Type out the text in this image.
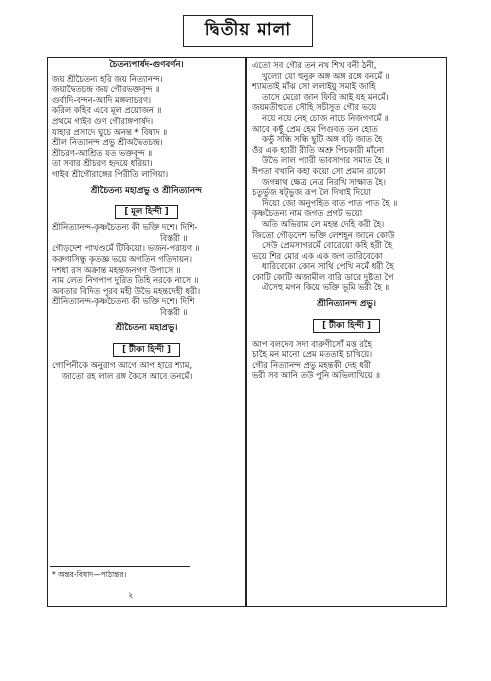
দ্বিতীয় মালা
চৈতন্যপার্ষদ-গুণবর্ণন।
জয় শ্রীচৈতন্য হরি জয় নিত্যানন্দ।
জয়াদ্বৈতচন্দ্র জয় গৌরভক্তবৃন্দ ॥
গুর্বাদি-বন্দন-আদি মঙ্গলাচরণ।
করিল কহিব এবে মূল প্রয়োজন ॥
প্রথমে গাইব গুণ গৌরাঙ্গপার্ষদ।
যাহার প্রসাদে ঘুচে অনন্ত * বিষাদ ॥
শ্রীল নিত্যানন্দ প্রভু শ্রীঅদ্বৈতচন্দ্র।
শ্রীচরণ-আশ্রিত যত ভক্তবৃন্দ ॥
তা সবার শ্রীচরণ হৃদয়ে ধরিয়া।
গাইব শ্রীগৌরাঙ্গের পিরীতি লাগিয়া।
শ্রীচৈতন্য মহাপ্রভু ও শ্রীনিত্যানন্দ
[ মূল হিন্দী ]
শ্রীনিত্যানন্দ-কৃষ্ণচৈতন্য কী ভক্তি দশে। দিশি-
বিস্তরী ॥
গৌড়দেশ পাখণ্ডমেঁ টিকিয়ো। ভজন-পরায়ণ ॥
করুণাসিন্ধু কৃতজ্ঞ ভয়ে অগতিন গতিদায়ন।
দশধা রস অক্রান্ত মহন্তজনগণ উপাসে ॥
নাম লেত নিগপাপ দুরিত তিহি নরকে নাসে ॥
অবতার বিদিত পূরব মহী উভৈ মহন্তদেহী ধরী।
শ্রীনিত্যানন্দ-কৃষ্ণচৈতন্য কী ভক্তি দশে। দিশি
বিস্তরী ॥
শ্রীচৈতন্য মহাপ্রভু।
[ টীকা হিন্দী ]
গোপিনীকে অনুরাগ আগে আপ হারে শ্যাম,
জাতো রহ লাল রঙ্গ কৈসে আবে তনমেঁ।
* অন্তর-বিষাদ—পাঠান্তর।
২
এতো সব গৌর তন নখ শিখ বনী ঠনী,
খুল্যো যো হুনুরু অঙ্গ অঙ্গ রঙ্গে বনমেঁ ॥
শ্যামতাই মাঁঝ সো ললাইয়ু সমাই জাহি
তাসে মেরো জান ফিরি আই যহ মনমেঁ।
জয়মতীহুতে সৌহি সচীসুত গৌর ভয়ে
নয়ে নয়ে নেহ চোজ নাচে নিজগণমেঁ ॥
আবে কছুঁ প্রেম হেম পিগুবত তন হোত
কভুঁ সন্ধি সন্ধি ছুটি অঙ্গ বঢ়ি জাত হৈ
ওঁর এক হ্যারী রীতি অশ্রু পিচকারী মাঁনো
উভৈ লাল প্যারী ভাবসাগর সমাত হৈ ॥
ঈপতা বখানি কহা কয়ো সো প্রমান রাকো
জগন্নাথ ক্ষেত্র নেত্র নিরখি সাক্ষাত হৈ।
চতুর্ভুজ ষট্ভুজ রূপ লৈ দিখাই দিয়ো
দিয়ো জো অনুপহিত বাত পাত পাত হৈ ॥
কৃষ্ণচৈতন্য নাম জগত প্রগট ভয়ো
অতি অভিরাম লে মহন্ত দেহি করী হৈ।
জিতো গৌড়দেশ ভক্তি লেশহূন জানে কোউ
সেউ প্রেমসাগরমেঁ বোরেয়ো কহি হরী হৈ
ভয়ে শির মোর এক এক জগ তারিবেকো
ধারিবেকো কোন সাথি পেখি নমেঁ ধরী হৈ
কোটি কোটি অজামীল বারি ডারে দুষ্টতা পৈ
ঐসেহু মগন কিয়ে ভক্তি ভূমি ভরী হৈ ॥
শ্রীনিত্যানন্দ প্রভু।
[ টীকা হিন্দী ]
আপ বলদেব সদা বারুণীসোঁ মত্ত রহৈ
চাহৈ মন মানো প্রেম মততাই চাখিয়ে।
গৌর নিত্যানন্দ প্রভু মহন্তকী দেহ ধরী
ভরী সব আনি তউ পুনি অভিলাখিয়ে ॥
